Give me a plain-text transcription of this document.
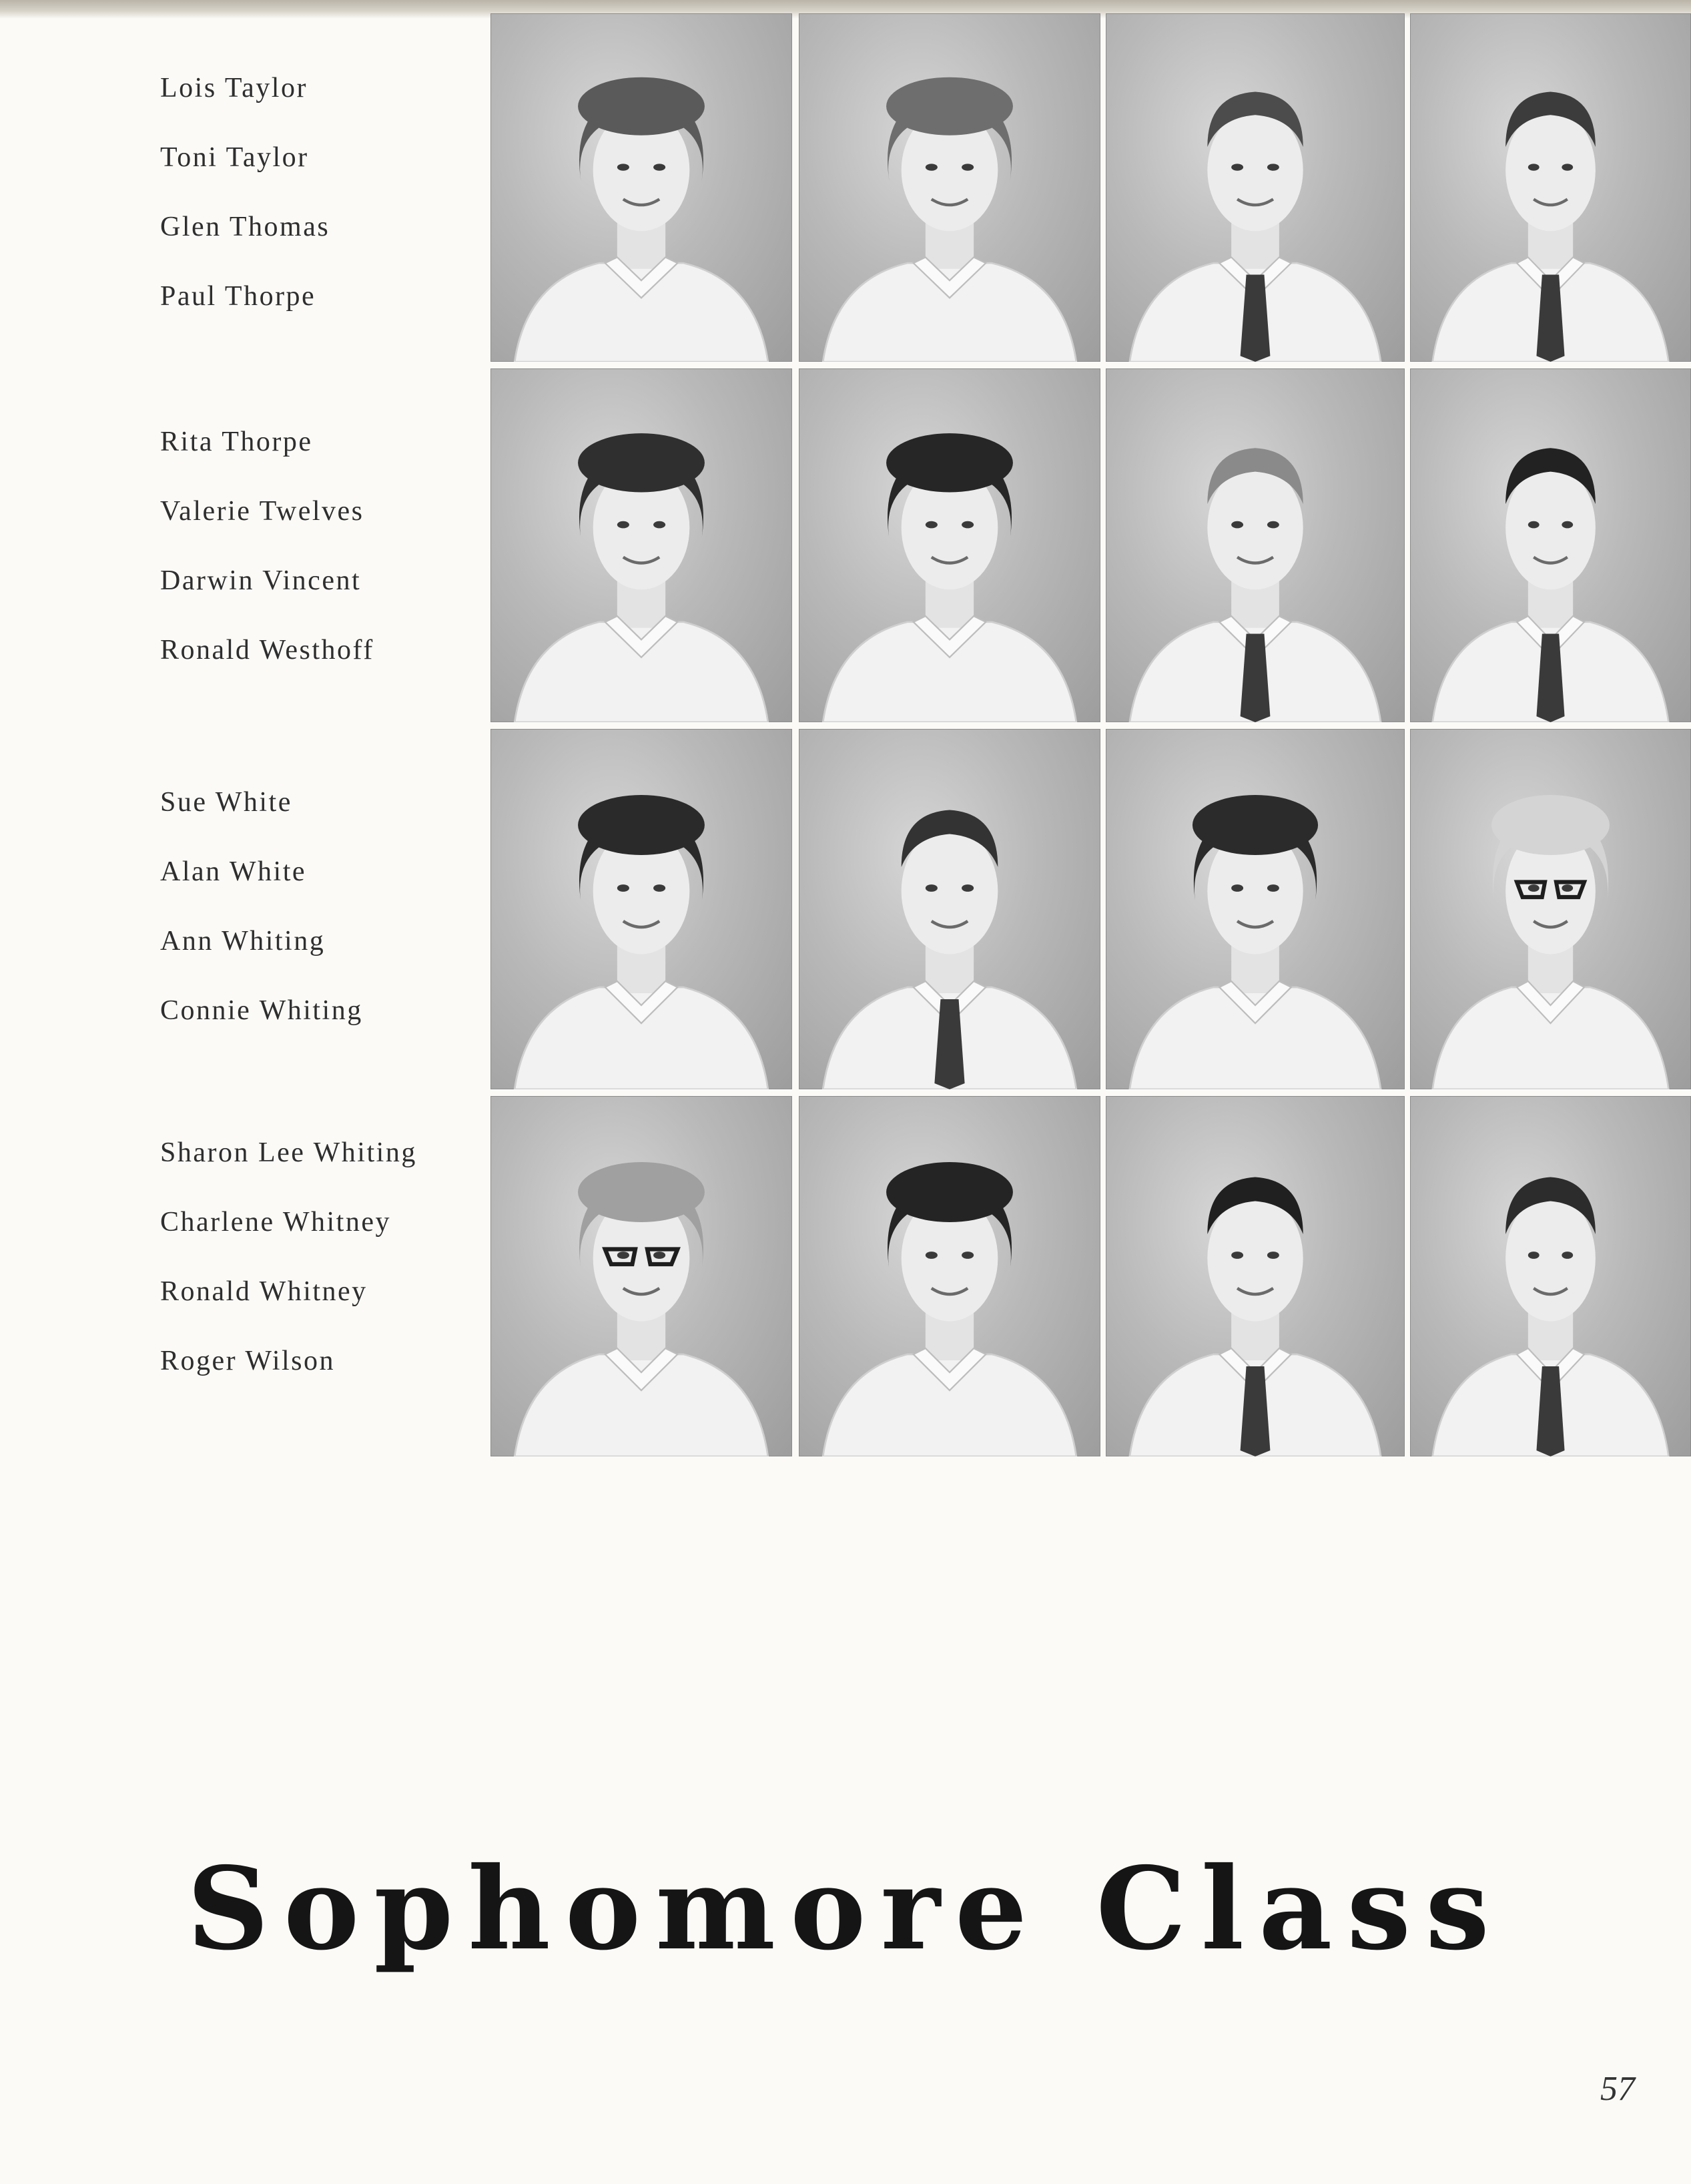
Lois Taylor
Toni Taylor
Glen Thomas
Paul Thorpe
Rita Thorpe
Valerie Twelves
Darwin Vincent
Ronald Westhoff
Sue White
Alan White
Ann Whiting
Connie Whiting
Sharon Lee Whiting
Charlene Whitney
Ronald Whitney
Roger Wilson
Sophomore Class
57
